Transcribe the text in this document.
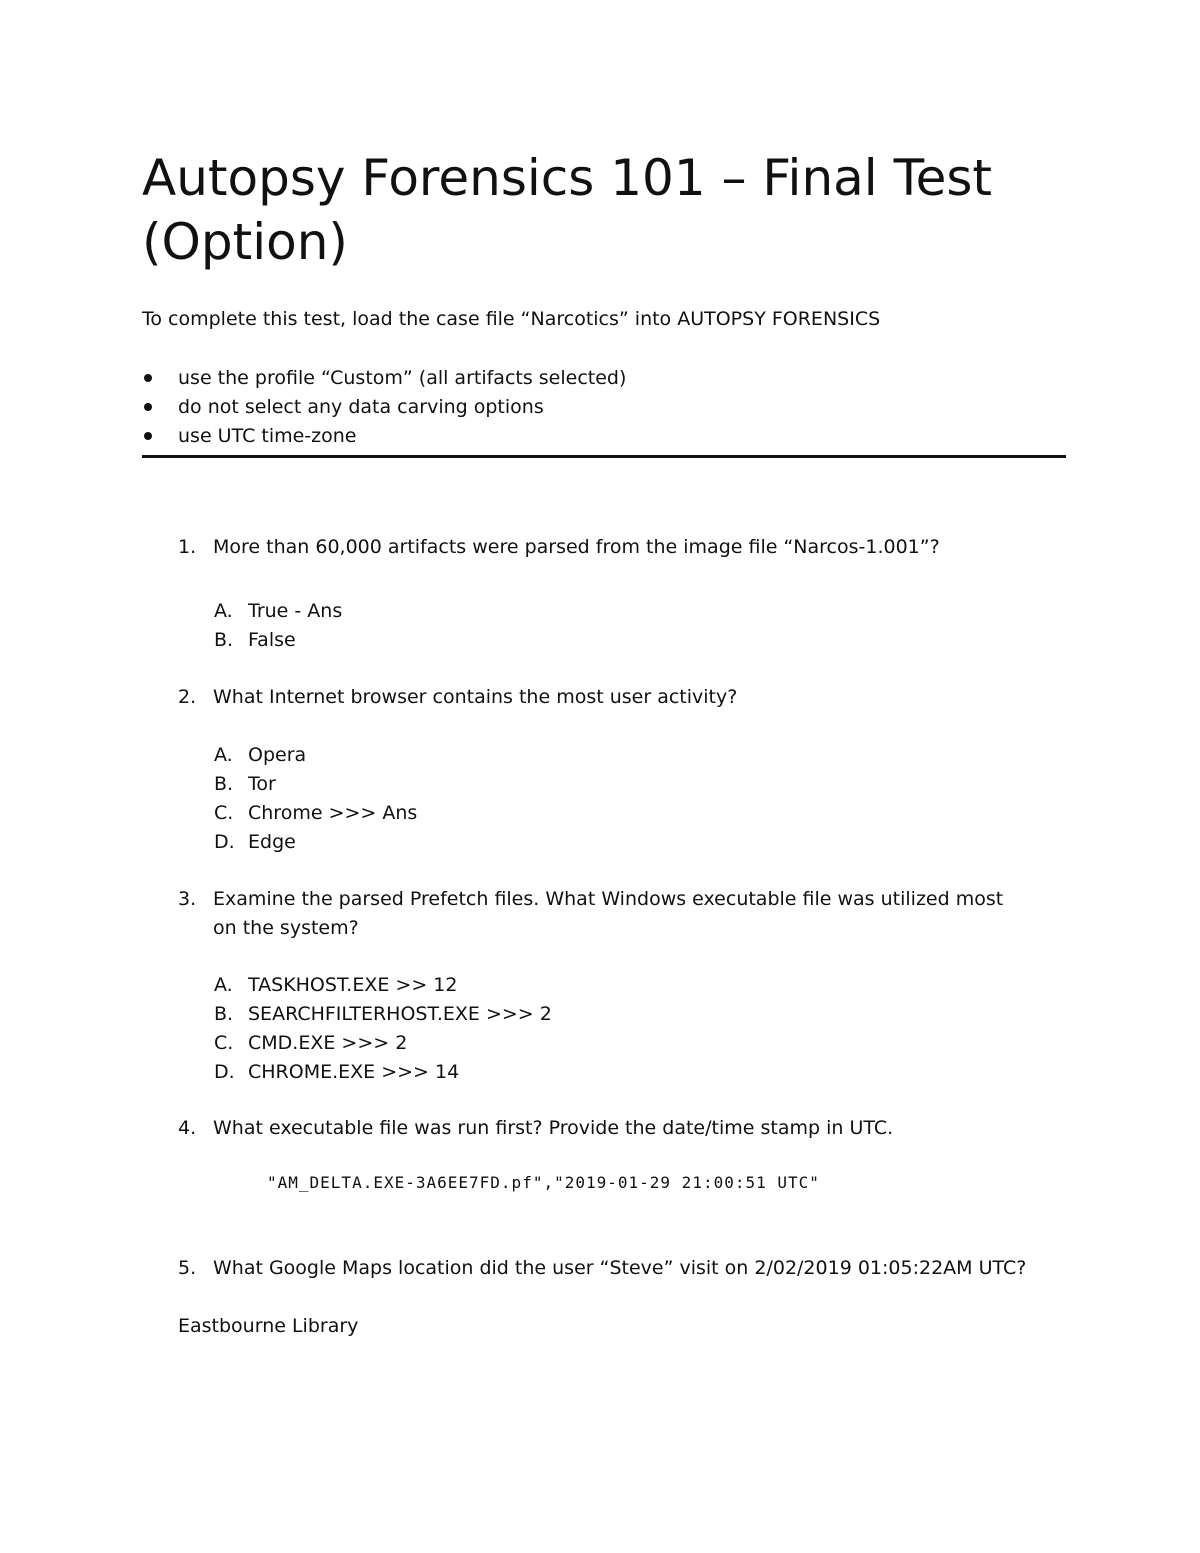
Autopsy Forensics 101 – Final Test (Option)
To complete this test, load the case file “Narcotics” into AUTOPSY FORENSICS
use the profile “Custom” (all artifacts selected)
do not select any data carving options
use UTC time-zone
1. More than 60,000 artifacts were parsed from the image file “Narcos-1.001”?
A. True - Ans
B. False
2. What Internet browser contains the most user activity?
A. Opera
B. Tor
C. Chrome >>> Ans
D. Edge
3. Examine the parsed Prefetch files. What Windows executable file was utilized most on the system?
A. TASKHOST.EXE >> 12
B. SEARCHFILTERHOST.EXE >>> 2
C. CMD.EXE >>> 2
D. CHROME.EXE >>> 14
4. What executable file was run first? Provide the date/time stamp in UTC.
"AM_DELTA.EXE-3A6EE7FD.pf","2019-01-29 21:00:51 UTC"
5. What Google Maps location did the user “Steve” visit on 2/02/2019 01:05:22AM UTC?
Eastbourne Library
